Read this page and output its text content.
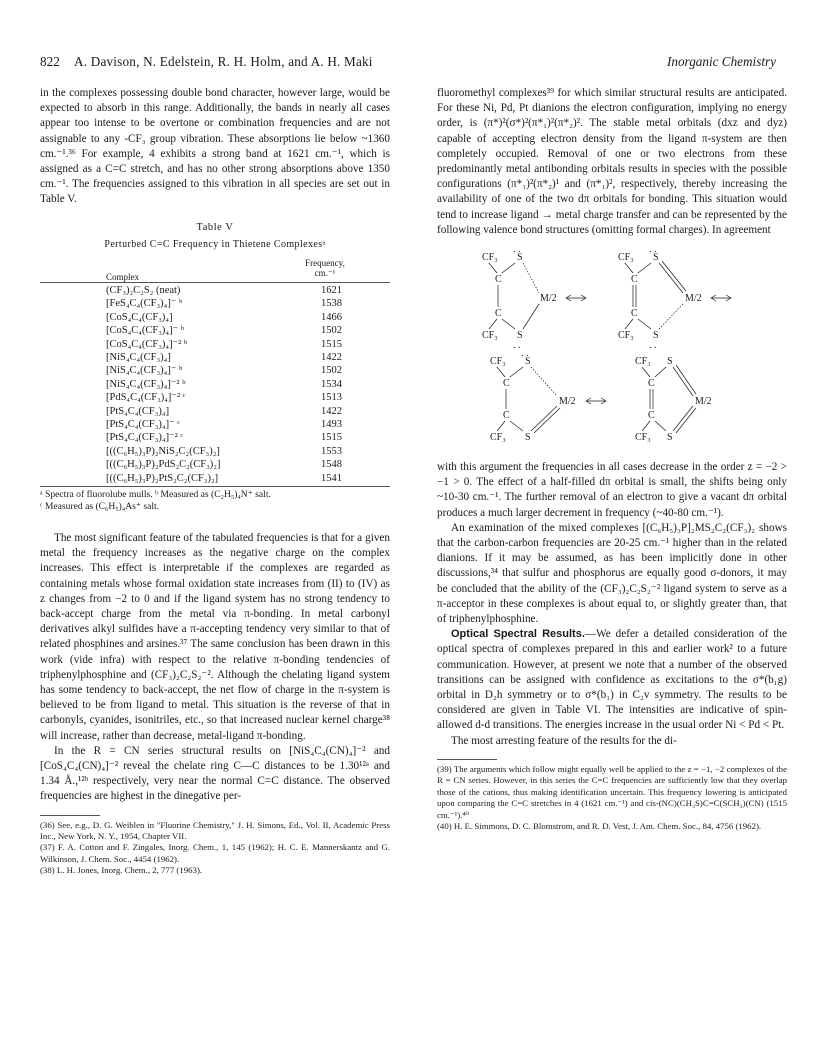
822 A. Davison, N. Edelstein, R. H. Holm, and A. H. Maki	Inorganic Chemistry

in the complexes possessing double bond character, however large, would be expected to absorb in this range. Additionally, the bands in nearly all cases appear too intense to be overtone or combination frequencies and are not assignable to any -CF₃ group vibration. These absorptions lie below ~1360 cm.⁻¹.³⁶ For example, 4 exhibits a strong band at 1621 cm.⁻¹, which is assigned as a C=C stretch, and has no other strong absorptions above 1350 cm.⁻¹. The frequencies assigned to this vibration in all species are set out in Table V.

Table V
Perturbed C=C Frequency in Thietene Complexesᵃ
Complex
Frequency, cm.⁻¹
(CF₃)₂C₂S₂ (neat)	1621
[FeS₄C₄(CF₃)₄]⁻ ᵇ	1538
[CoS₄C₄(CF₃)₄]	1466
[CoS₄C₄(CF₃)₄]⁻ ᵇ	1502
[CoS₄C₄(CF₃)₄]⁻² ᵇ	1515
[NiS₄C₄(CF₃)₄]	1422
[NiS₄C₄(CF₃)₄]⁻ ᵇ	1502
[NiS₄C₄(CF₃)₄]⁻² ᵇ	1534
[PdS₄C₄(CF₃)₄]⁻² ᶜ	1513
[PtS₄C₄(CF₃)₄]	1422
[PtS₄C₄(CF₃)₄]⁻ ᶜ	1493
[PtS₄C₄(CF₃)₄]⁻² ᶜ	1515
[((C₆H₅)₃P)₂NiS₂C₂(CF₃)₂]	1553
[((C₆H₅)₃P)₂PdS₂C₂(CF₃)₂]	1548
[((C₆H₅)₃P)₂PtS₂C₂(CF₃)₂]	1541
ᵃ Spectra of fluorolube mulls. ᵇ Measured as (C₂H₅)₄N⁺ salt.
ᶜ Measured as (C₆H₅)₄As⁺ salt.

The most significant feature of the tabulated frequencies is that for a given metal the frequency increases as the negative charge on the complex increases. This effect is interpretable if the complexes are regarded as containing metals whose formal oxidation state increases from (II) to (IV) as z changes from −2 to 0 and if the ligand system has no strong tendency to back-accept charge from the metal via π-bonding. In metal carbonyl derivatives alkyl sulfides have a π-accepting tendency very similar to that of related phosphines and arsines.³⁷ The same conclusion has been drawn in this work (vide infra) with respect to the relative π-bonding tendencies of triphenylphosphine and (CF₃)₂C₂S₂⁻². Although the chelating ligand system has some tendency to back-accept, the net flow of charge in the π-system is believed to be from ligand to metal. This situation is the reverse of that in carbonyls, cyanides, isonitriles, etc., so that increased nuclear kernel charge³⁸ will increase, rather than decrease, metal-ligand π-bonding.

In the R = CN series structural results on [NiS₄C₄(CN)₄]⁻² and [CoS₄C₄(CN)₄]⁻² reveal the chelate ring C—C distances to be 1.30¹²ᵃ and 1.34 Å.,¹²ᵇ respectively, very near the normal C=C distance. The observed frequencies are highest in the dinegative per-

(36) See, e.g., D. G. Weiblen in "Fluorine Chemistry," J. H. Simons, Ed., Vol. II, Academic Press Inc., New York, N. Y., 1954, Chapter VII.

(37) F. A. Cotton and F. Zingales, Inorg. Chem., 1, 145 (1962); H. C. E. Mannerskantz and G. Wilkinson, J. Chem. Soc., 4454 (1962).

(38) L. H. Jones, Inorg. Chem., 2, 777 (1963).

fluoromethyl complexes³⁹ for which similar structural results are anticipated. For these Ni, Pd, Pt dianions the electron configuration, implying no energy order, is (π*)²(σ*)²(π*₁)²(π*₂)². The stable metal orbitals (dxz and dyz) capable of accepting electron density from the ligand π-system are then completely occupied. Removal of one or two electrons from these predominantly metal antibonding orbitals results in species with the possible configurations (π*₁)²(π*₂)¹ and (π*₁)², respectively, thereby increasing the availability of one of the two dπ orbitals for bonding. This situation would tend to increase ligand → metal charge transfer and can be represented by the following valence bond structures (omitting formal charges). In agreement

CF₃ S
. .
C
C
CF₃ S
. .
M/2
CF₃ S
. .
C
C
CF₃ S
. .
M/2
CF₃ S
. .
C
C
CF₃ S
M/2
CF₃ S
C
C
CF₃ S
M/2

with this argument the frequencies in all cases decrease in the order z = −2 > −1 > 0. The effect of a half-filled dπ orbital is small, the shifts being only ~10-30 cm.⁻¹. The further removal of an electron to give a vacant dπ orbital produces a much larger decrement in frequency (~40-80 cm.⁻¹).

An examination of the mixed complexes [(C₆H₅)₃P]₂MS₂C₂(CF₃)₂ shows that the carbon-carbon frequencies are 20-25 cm.⁻¹ higher than in the related dianions. If it may be assumed, as has been implicitly done in other discussions,³⁴ that sulfur and phosphorus are equally good σ-donors, it may be concluded that the ability of the (CF₃)₂C₂S₂⁻² ligand system to serve as a π-acceptor in these complexes is about equal to, or slightly greater than, that of triphenylphosphine.

Optical Spectral Results.—We defer a detailed consideration of the optical spectra of complexes prepared in this and earlier work² to a future communication. However, at present we note that a number of the observed transitions can be assigned with confidence as excitations to the σ*(b₁g) orbital in D₂h symmetry or to σ*(b₁) in C₂v symmetry. The results to be considered are given in Table VI. The intensities are indicative of spin-allowed d-d transitions. The energies increase in the usual order Ni < Pd < Pt.

The most arresting feature of the results for the di-

(39) The arguments which follow might equally well be applied to the z = −1, −2 complexes of the R = CN series. However, in this series the C=C frequencies are sufficiently low that they overlap those of the cations, thus making identification uncertain. This frequency lowering is anticipated upon comparing the C=C stretches in 4 (1621 cm.⁻¹) and cis-(NC)(CH₃S)C=C(SCH₃)(CN) (1515 cm.⁻¹).⁴⁰

(40) H. E. Simmons, D. C. Blomstrom, and R. D. Vest, J. Am. Chem. Soc., 84, 4756 (1962).
